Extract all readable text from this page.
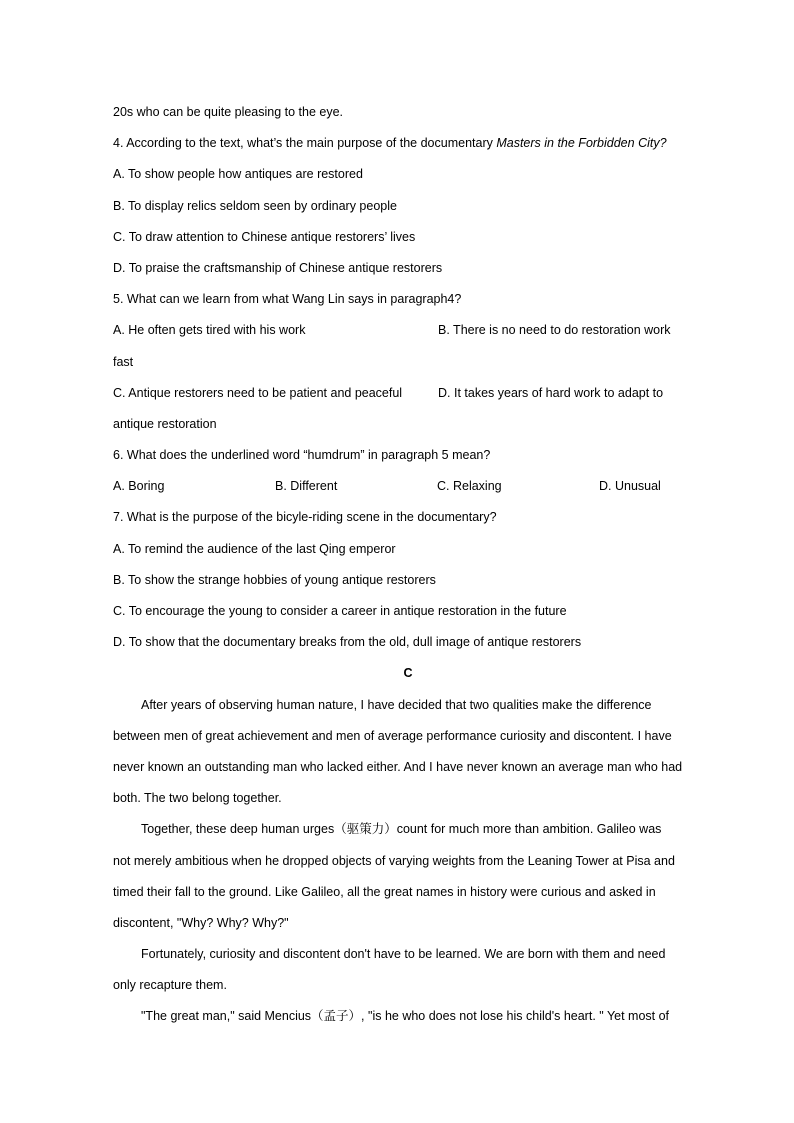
20s who can be quite pleasing to the eye.
4. According to the text, what’s the main purpose of the documentary Masters in the Forbidden City?
A. To show people how antiques are restored
B. To display relics seldom seen by ordinary people
C. To draw attention to Chinese antique restorers’ lives
D. To praise the craftsmanship of Chinese antique restorers
5. What can we learn from what Wang Lin says in paragraph4?
A. He often gets tired with his work	B. There is no need to do restoration work
fast
C. Antique restorers need to be patient and peaceful	D. It takes years of hard work to adapt to
antique restoration
6. What does the underlined word “humdrum” in paragraph 5 mean?
A. Boring	B. Different	C. Relaxing	D. Unusual
7. What is the purpose of the bicyle-riding scene in the documentary?
A. To remind the audience of the last Qing emperor
B. To show the strange hobbies of young antique restorers
C. To encourage the young to consider a career in antique restoration in the future
D. To show that the documentary breaks from the old, dull image of antique restorers
C
After years of observing human nature, I have decided that two qualities make the difference
between men of great achievement and men of average performance curiosity and discontent. I have
never known an outstanding man who lacked either. And I have never known an average man who had
both. The two belong together.
Together, these deep human urges（驱策力）count for much more than ambition. Galileo was
not merely ambitious when he dropped objects of varying weights from the Leaning Tower at Pisa and
timed their fall to the ground. Like Galileo, all the great names in history were curious and asked in
discontent, "Why? Why? Why?"
Fortunately, curiosity and discontent don't have to be learned. We are born with them and need
only recapture them.
"The great man," said Mencius（孟子）, "is he who does not lose his child's heart. " Yet most of
